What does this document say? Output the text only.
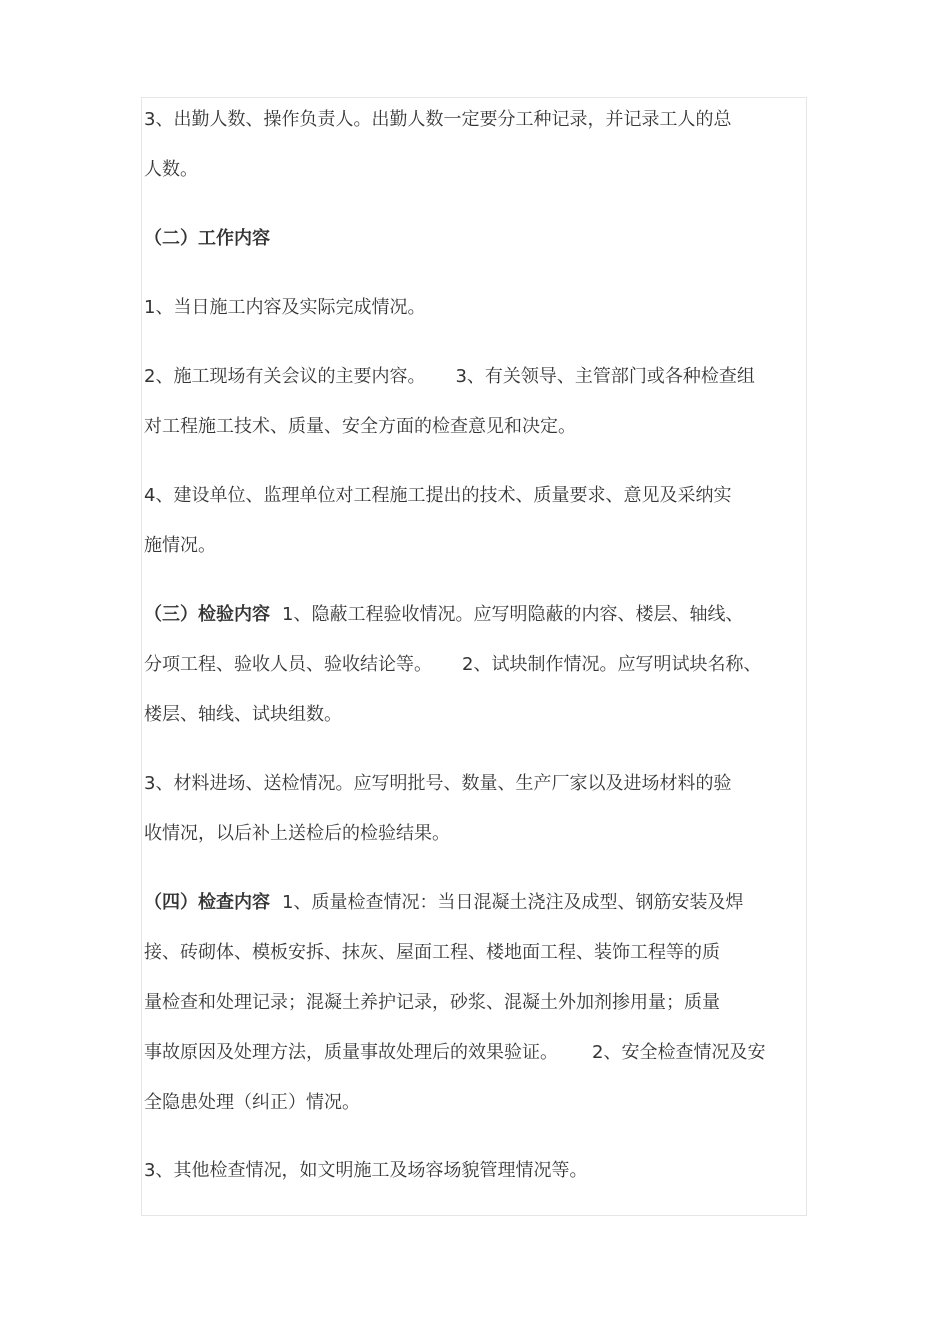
3、出勤人数、操作负责人。出勤人数一定要分工种记录，并记录工人的总
人数。
（二）工作内容
1、当日施工内容及实际完成情况。
2、施工现场有关会议的主要内容。 3、有关领导、主管部门或各种检查组
对工程施工技术、质量、安全方面的检查意见和决定。
4、建设单位、监理单位对工程施工提出的技术、质量要求、意见及采纳实
施情况。
（三）检验内容 1、隐蔽工程验收情况。应写明隐蔽的内容、楼层、轴线、
分项工程、验收人员、验收结论等。 2、试块制作情况。应写明试块名称、
楼层、轴线、试块组数。
3、材料进场、送检情况。应写明批号、数量、生产厂家以及进场材料的验
收情况，以后补上送检后的检验结果。
（四）检查内容 1、质量检查情况：当日混凝土浇注及成型、钢筋安装及焊
接、砖砌体、模板安拆、抹灰、屋面工程、楼地面工程、装饰工程等的质
量检查和处理记录；混凝土养护记录，砂浆、混凝土外加剂掺用量；质量
事故原因及处理方法，质量事故处理后的效果验证。 2、安全检查情况及安
全隐患处理（纠正）情况。
3、其他检查情况，如文明施工及场容场貌管理情况等。
